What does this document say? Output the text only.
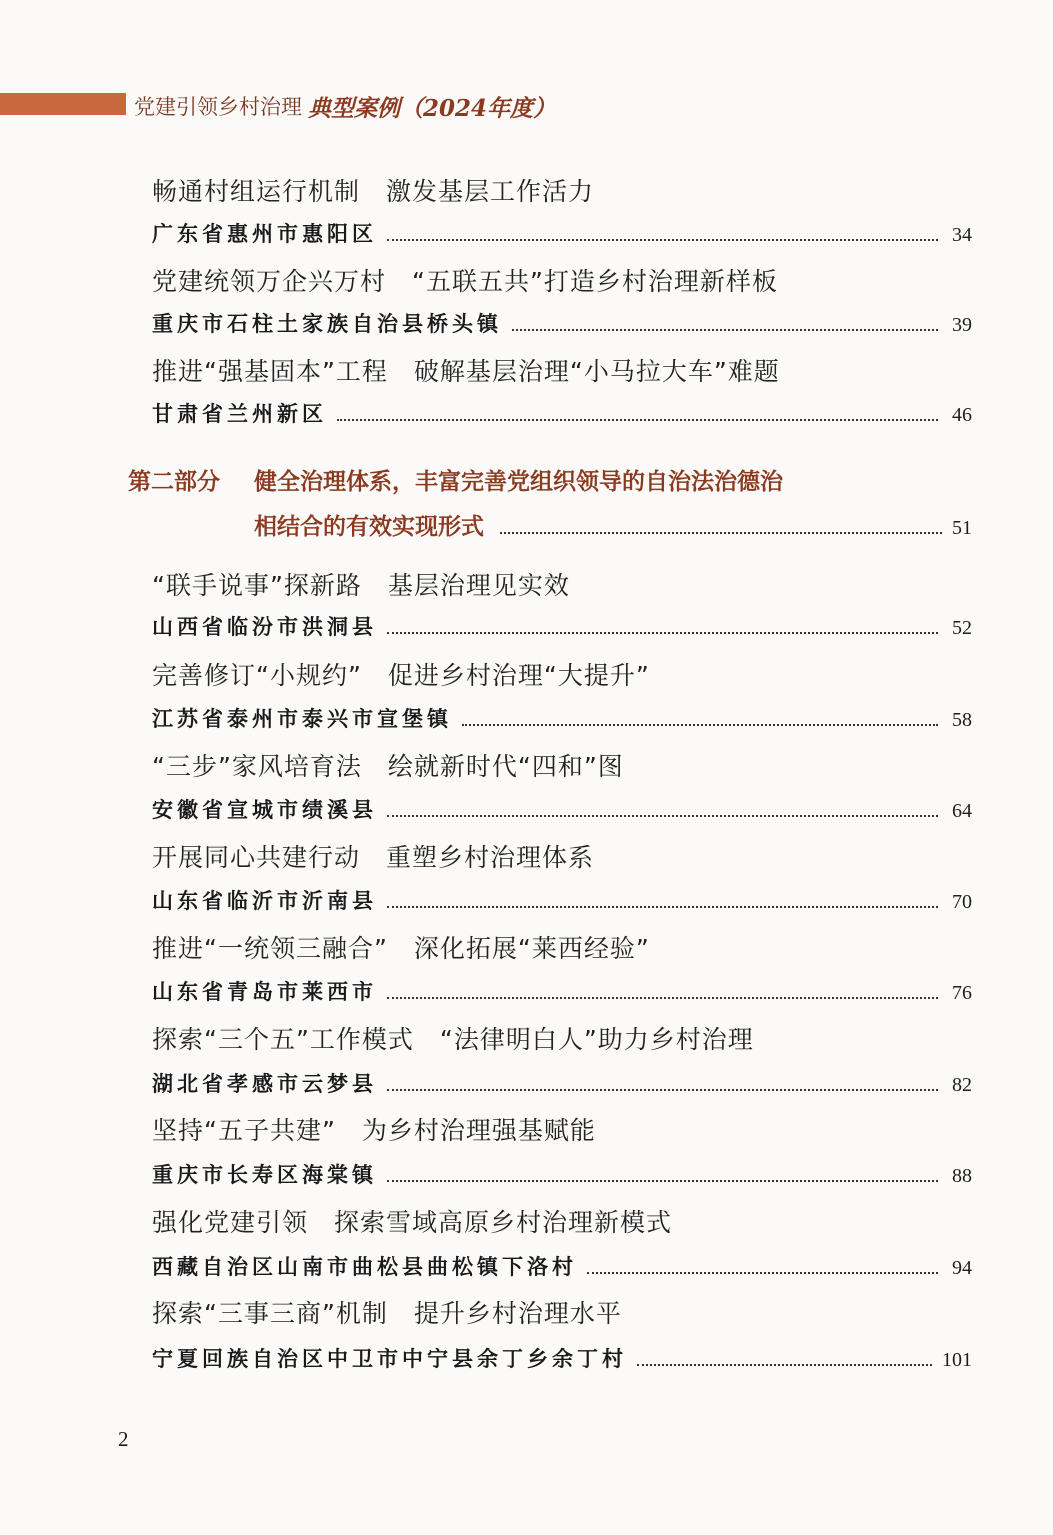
党建引领乡村治理 典型案例（2024年度）
畅通村组运行机制　激发基层工作活力
广东省惠州市惠阳区	34
党建统领万企兴万村　“五联五共”打造乡村治理新样板
重庆市石柱土家族自治县桥头镇	39
推进“强基固本”工程　破解基层治理“小马拉大车”难题
甘肃省兰州新区	46
第二部分 健全治理体系，丰富完善党组织领导的自治法治德治
相结合的有效实现形式	51
“联手说事”探新路　基层治理见实效
山西省临汾市洪洞县	52
完善修订“小规约”　促进乡村治理“大提升”
江苏省泰州市泰兴市宣堡镇	58
“三步”家风培育法　绘就新时代“四和”图
安徽省宣城市绩溪县	64
开展同心共建行动　重塑乡村治理体系
山东省临沂市沂南县	70
推进“一统领三融合”　深化拓展“莱西经验”
山东省青岛市莱西市	76
探索“三个五”工作模式　“法律明白人”助力乡村治理
湖北省孝感市云梦县	82
坚持“五子共建”　为乡村治理强基赋能
重庆市长寿区海棠镇	88
强化党建引领　探索雪域高原乡村治理新模式
西藏自治区山南市曲松县曲松镇下洛村	94
探索“三事三商”机制　提升乡村治理水平
宁夏回族自治区中卫市中宁县余丁乡余丁村	101
2
